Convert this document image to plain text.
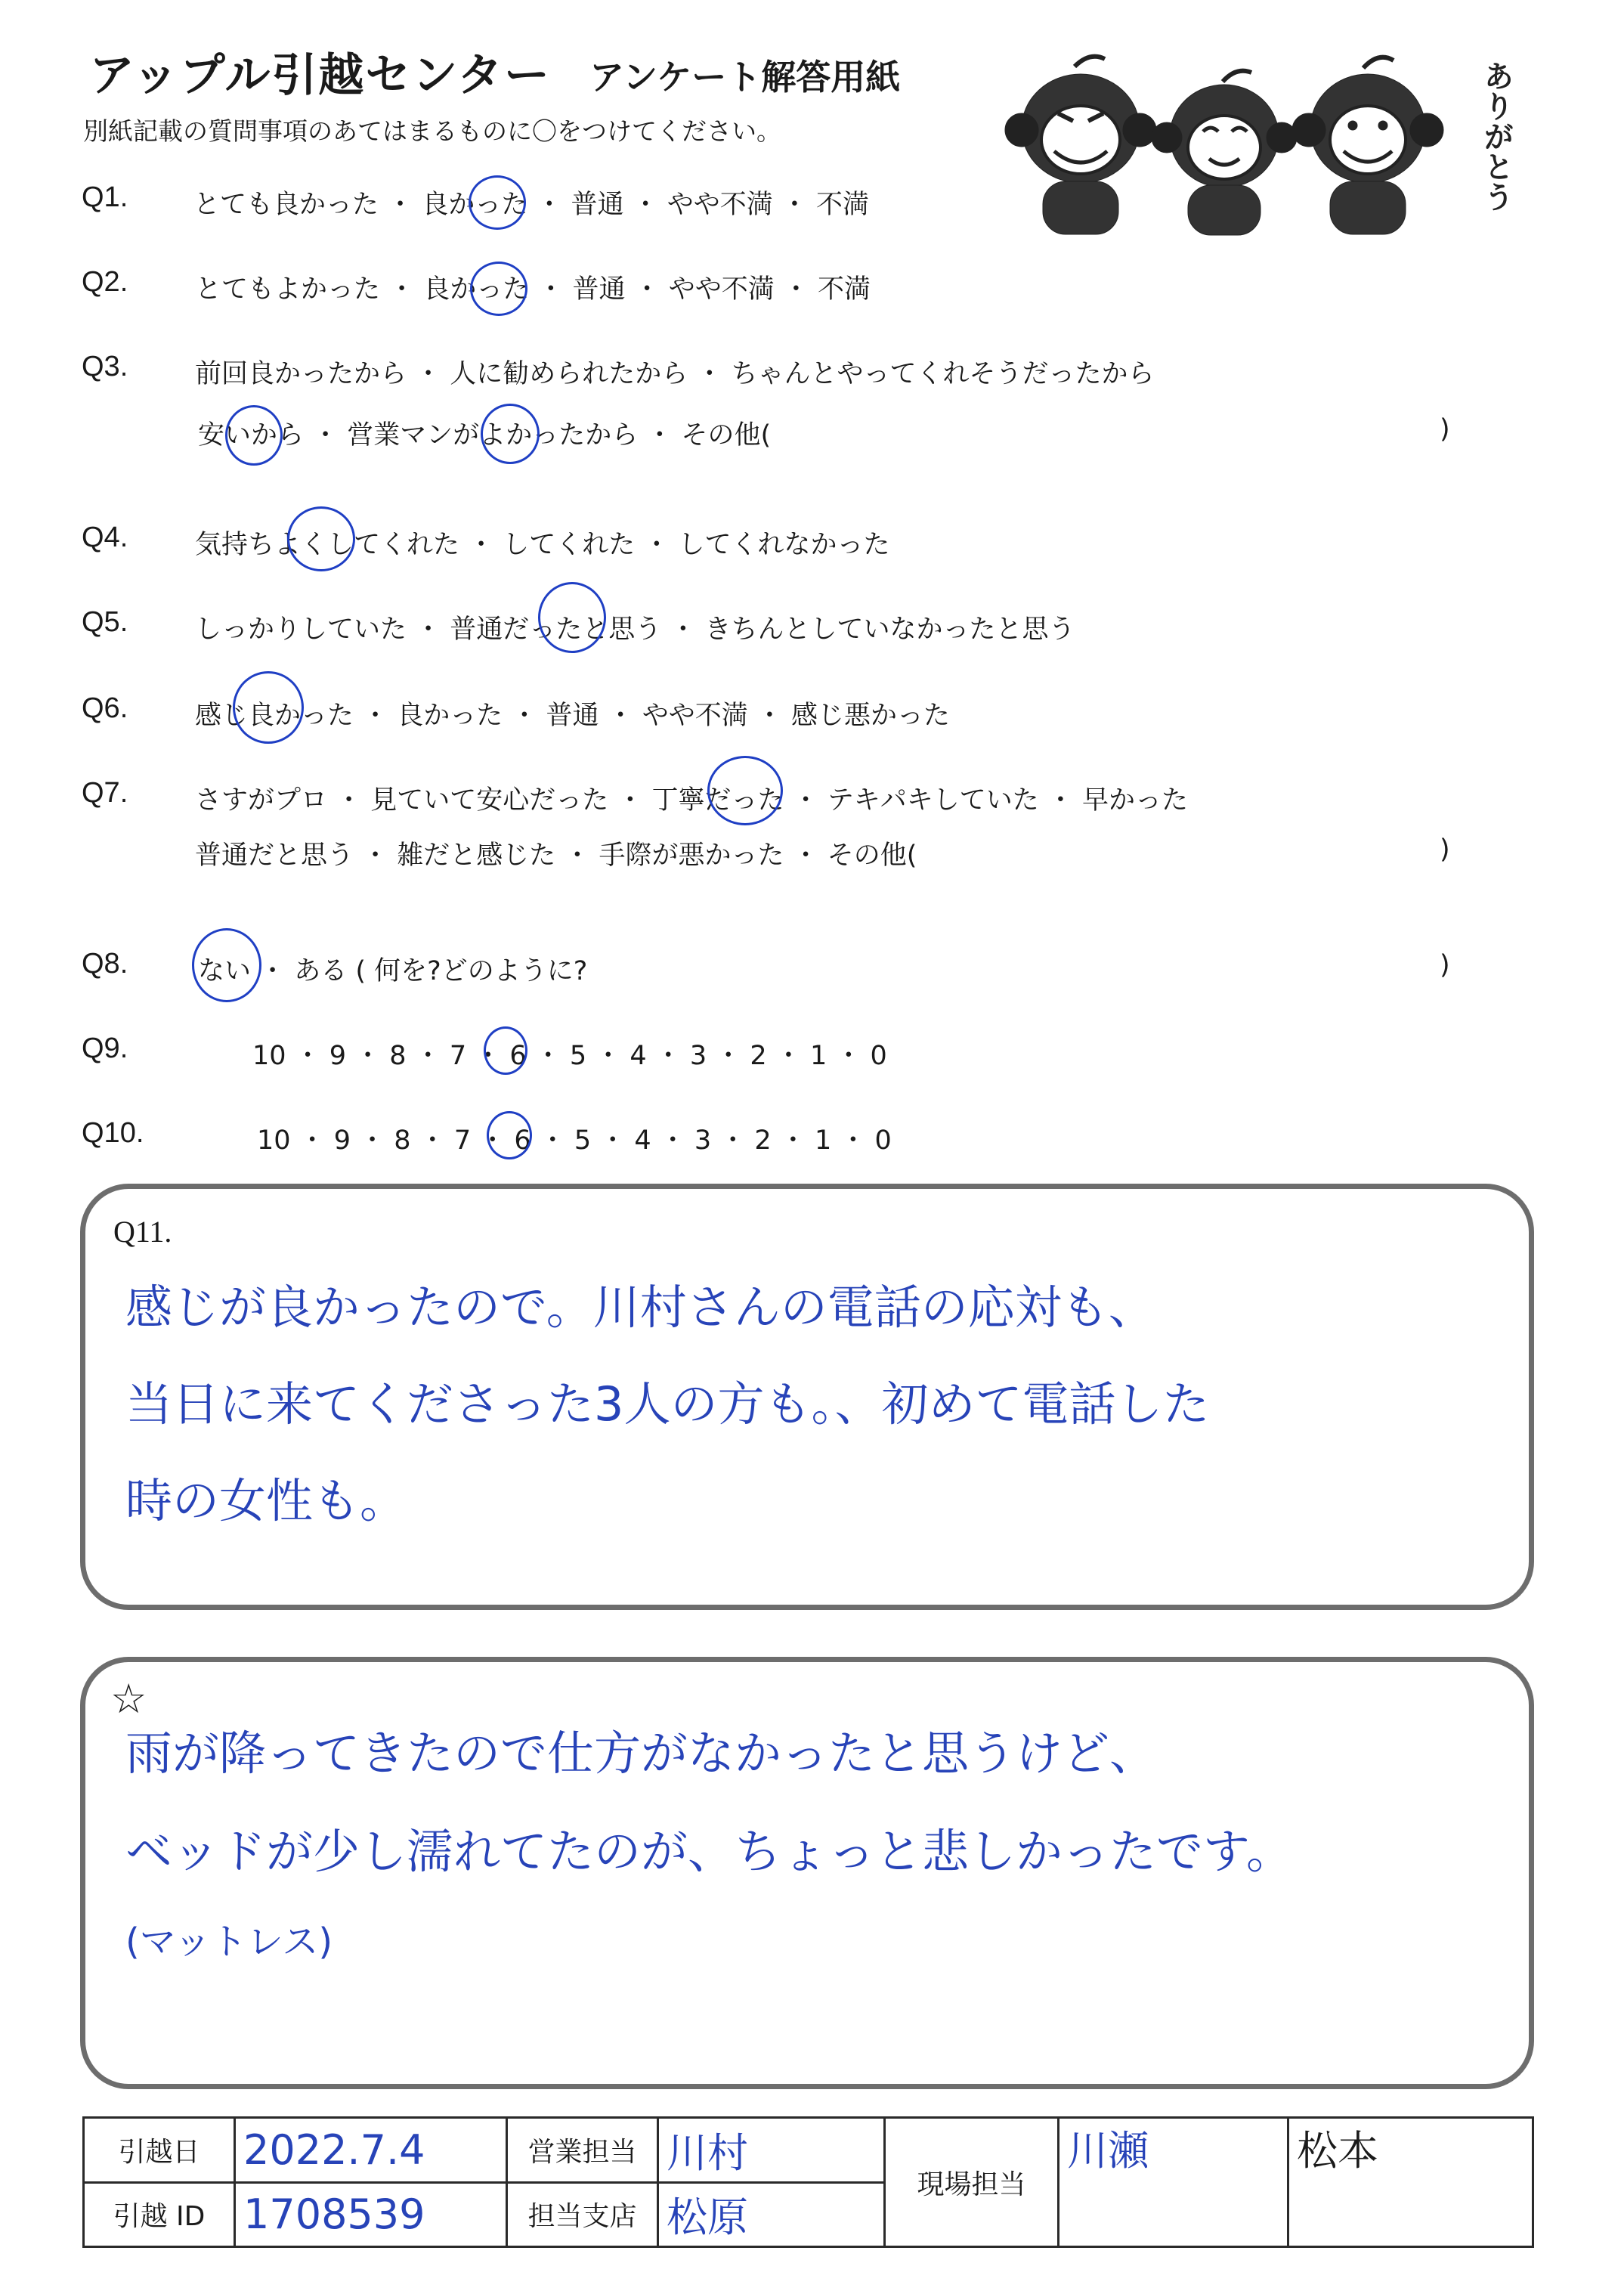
アップル引越センター アンケート解答用紙
別紙記載の質問事項のあてはまるものに〇をつけてください。	ありがとう
Q1. とても良かった ・ 良かった ・ 普通 ・ やや不満 ・ 不満
Q2.	とてもよかった ・ 良かった ・ 普通 ・ やや不満 ・ 不満
Q3.	前回良かったから ・ 人に勧められたから ・ ちゃんとやってくれそうだったから
安いから ・ 営業マンがよかったから ・ その他(	)
Q4.	気持ちよくしてくれた ・ してくれた ・ してくれなかった
Q5.	しっかりしていた ・ 普通だったと思う ・ きちんとしていなかったと思う
Q6.	感じ良かった ・ 良かった ・ 普通 ・ やや不満 ・ 感じ悪かった
Q7.	さすがプロ ・ 見ていて安心だった ・ 丁寧だった ・ テキパキしていた ・ 早かった
普通だと思う ・ 雑だと感じた ・ 手際が悪かった ・ その他(	)
Q8.	ない ・ ある ( 何を?どのように?	)
Q9.	10 ・ 9 ・ 8 ・ 7 ・ 6 ・ 5 ・ 4 ・ 3 ・ 2 ・ 1 ・ 0
Q10.	10 ・ 9 ・ 8 ・ 7 ・ 6 ・ 5 ・ 4 ・ 3 ・ 2 ・ 1 ・ 0
Q11.
感じが良かったので。川村さんの電話の応対も、
当日に来てくださった3人の方も。、初めて電話した
時の女性も。
☆
雨が降ってきたので仕方がなかったと思うけど、
ベッドが少し濡れてたのが、ちょっと悲しかったです。
(マットレス)
引越日	2022.7.4	営業担当	川村	現場担当	川瀬	松本
引越 ID	1708539	担当支店	松原			
